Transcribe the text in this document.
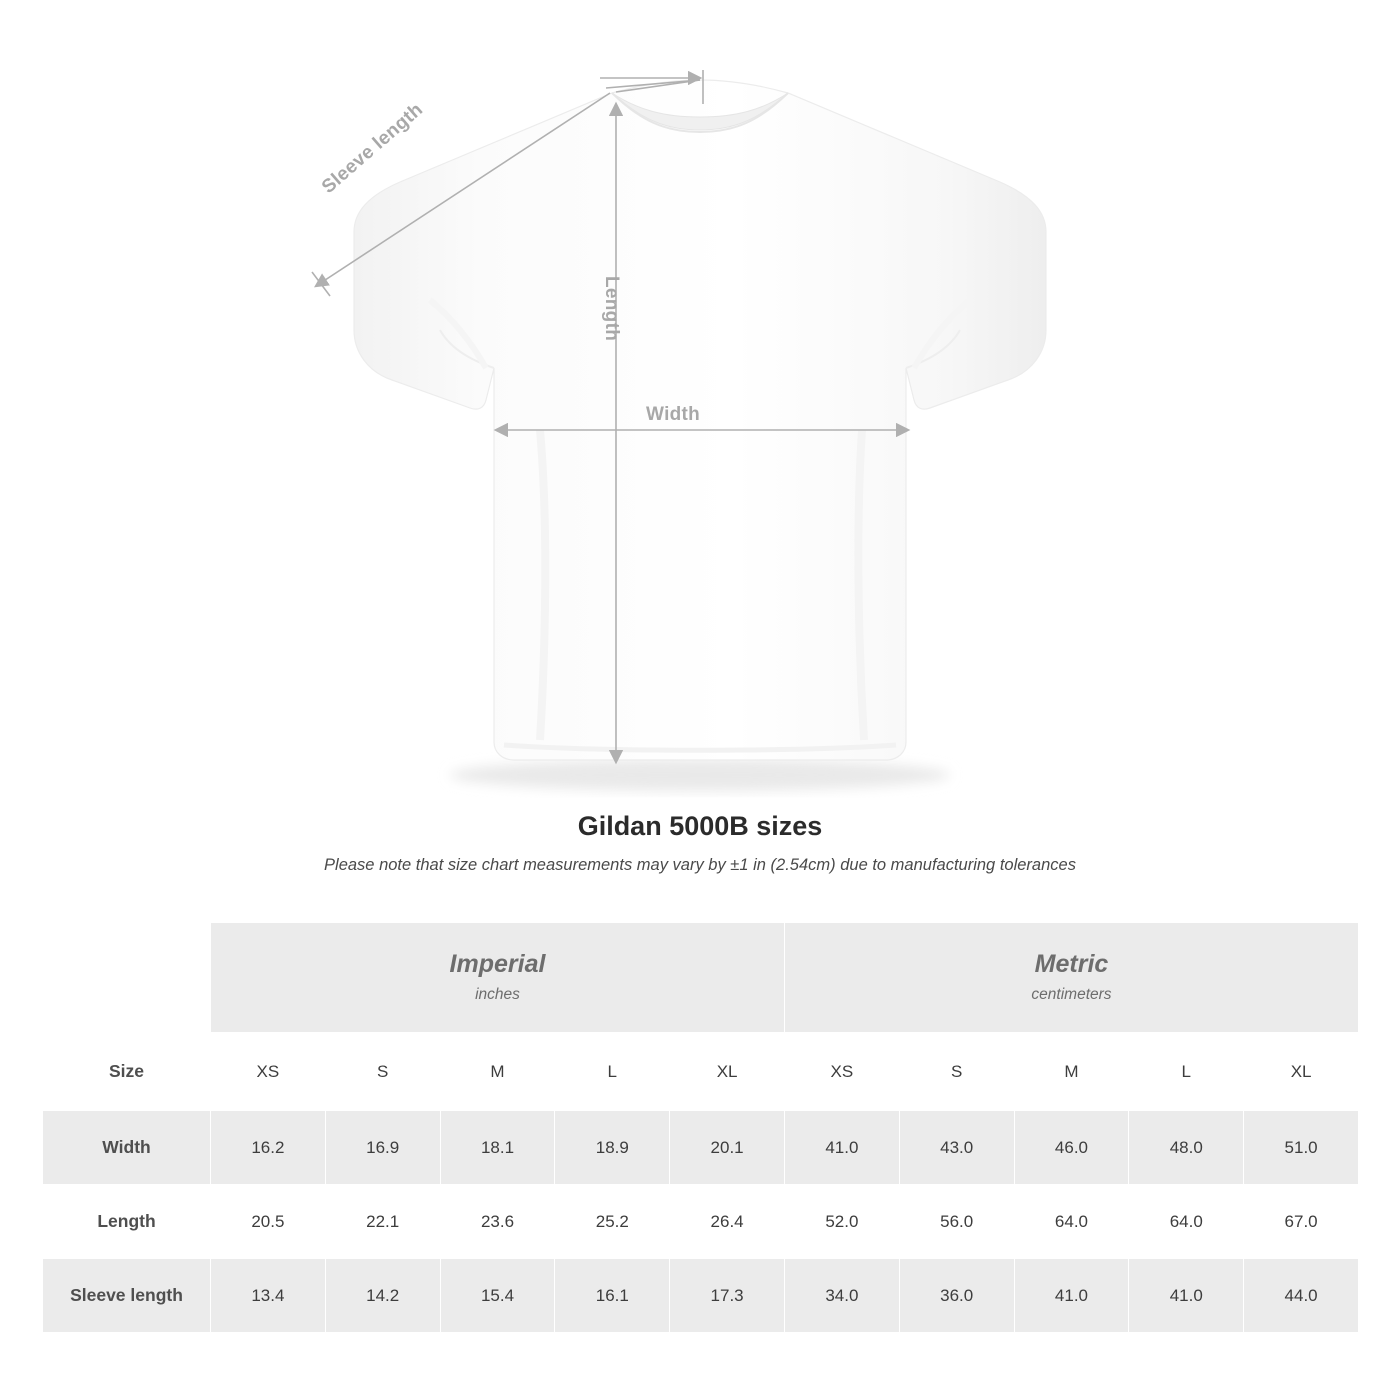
Sleeve length
Length
Width
Gildan 5000B sizes

Please note that size chart measurements may vary by ±1 in (2.54cm) due to manufacturing tolerances

Imperial
inches

Metric
centimeters

Size	XS	S	M	L	XL	XS	S	M	L	XL
Width	16.2	16.9	18.1	18.9	20.1	41.0	43.0	46.0	48.0	51.0
Length	20.5	22.1	23.6	25.2	26.4	52.0	56.0	64.0	64.0	67.0
Sleeve length	13.4	14.2	15.4	16.1	17.3	34.0	36.0	41.0	41.0	44.0
